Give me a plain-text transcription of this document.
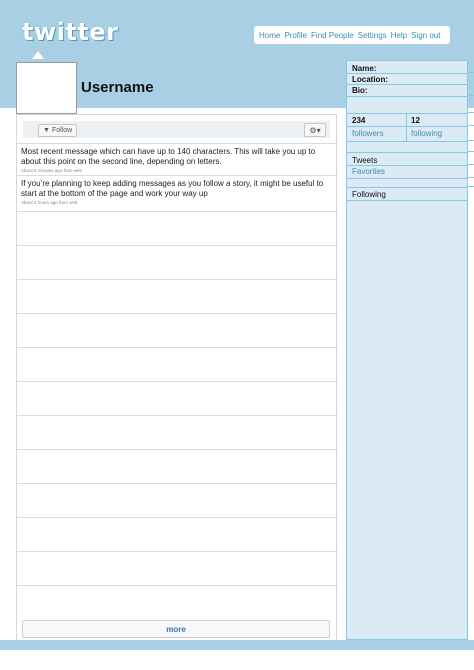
twitter	Home Profile Find People Settings Help Sign out
Username
▼ Follow	⚙ ▾
Most recent message which can have up to 140 characters. This will take you up to about this point on the second line, depending on letters.
About 5 minutes ago from web
If you’re planning to keep adding messages as you follow a story, it might be useful to start at the bottom of the page and work your way up
About 2 hours ago from web
more
Name:
Location:
Bio:
234	12
followers	following
Tweets
Favorites
Following
